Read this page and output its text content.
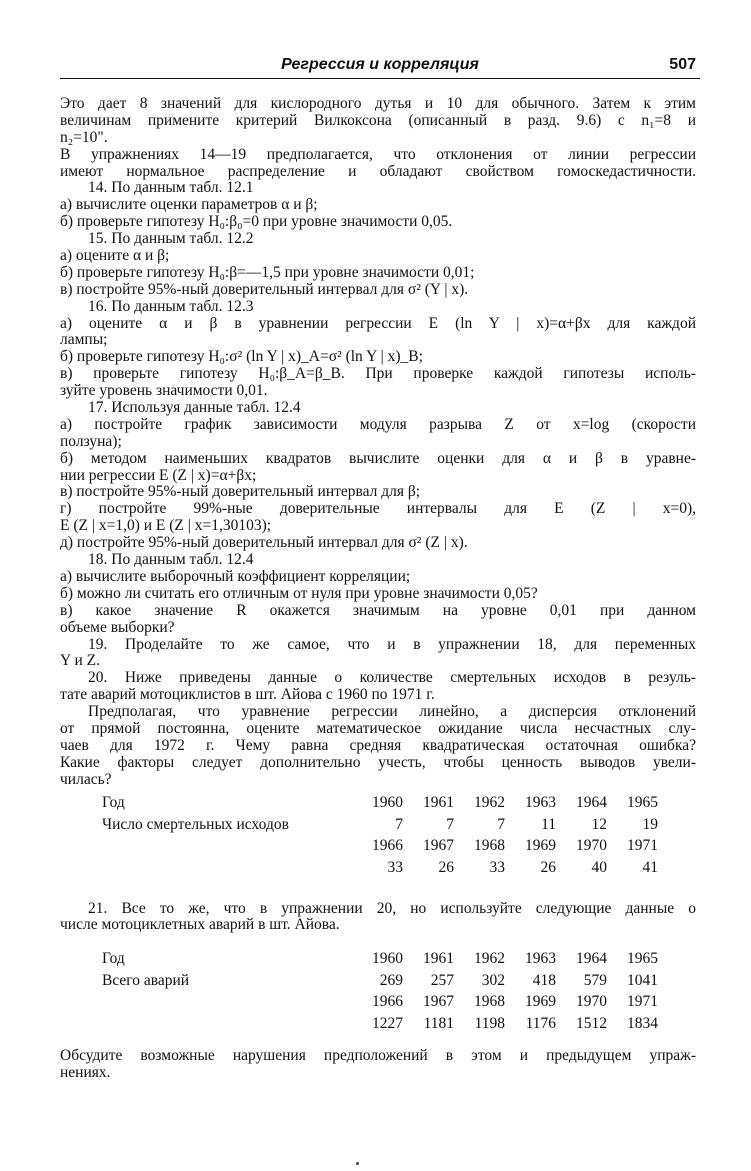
Регрессия и корреляция	507
Это дает 8 значений для кислородного дутья и 10 для обычного. Затем к этим
величинам примените критерий Вилкоксона (описанный в разд. 9.6) с n₁=8 и
n₂=10".
В упражнениях 14—19 предполагается, что отклонения от линии регрессии
имеют нормальное распределение и обладают свойством гомоскедастичности.
14. По данным табл. 12.1
а) вычислите оценки параметров α и β;
б) проверьте гипотезу H₀:β₀=0 при уровне значимости 0,05.
15. По данным табл. 12.2
а) оцените α и β;
б) проверьте гипотезу H₀:β=—1,5 при уровне значимости 0,01;
в) постройте 95%-ный доверительный интервал для σ² (Y | x).
16. По данным табл. 12.3
а) оцените α и β в уравнении регрессии E (ln Y | x)=α+βx для каждой
лампы;
б) проверьте гипотезу H₀:σ² (ln Y | x)_A=σ² (ln Y | x)_B;
в) проверьте гипотезу H₀:β_A=β_B. При проверке каждой гипотезы исполь-
зуйте уровень значимости 0,01.
17. Используя данные табл. 12.4
а) постройте график зависимости модуля разрыва Z от x=log (скорости
ползуна);
б) методом наименьших квадратов вычислите оценки для α и β в уравне-
нии регрессии E (Z | x)=α+βx;
в) постройте 95%-ный доверительный интервал для β;
г) постройте 99%-ные доверительные интервалы для E (Z | x=0),
E (Z | x=1,0) и E (Z | x=1,30103);
д) постройте 95%-ный доверительный интервал для σ² (Z | x).
18. По данным табл. 12.4
а) вычислите выборочный коэффициент корреляции;
б) можно ли считать его отличным от нуля при уровне значимости 0,05?
в) какое значение R окажется значимым на уровне 0,01 при данном
объеме выборки?
19. Проделайте то же самое, что и в упражнении 18, для переменных
Y и Z.
20. Ниже приведены данные о количестве смертельных исходов в резуль-
тате аварий мотоциклистов в шт. Айова с 1960 по 1971 г.
Предполагая, что уравнение регрессии линейно, а дисперсия отклонений
от прямой постоянна, оцените математическое ожидание числа несчастных слу-
чаев для 1972 г. Чему равна средняя квадратическая остаточная ошибка?
Какие факторы следует дополнительно учесть, чтобы ценность выводов увели-
чилась?
Год	1960	1961	1962	1963	1964	1965
Число смертельных исходов	7	7	7	11	12	19
	1966	1967	1968	1969	1970	1971
	33	26	33	26	40	41
21. Все то же, что в упражнении 20, но используйте следующие данные о
числе мотоциклетных аварий в шт. Айова.
Год	1960	1961	1962	1963	1964	1965
Всего аварий	269	257	302	418	579	1041
	1966	1967	1968	1969	1970	1971
	1227	1181	1198	1176	1512	1834
Обсудите возможные нарушения предположений в этом и предыдущем упраж-
нениях.
